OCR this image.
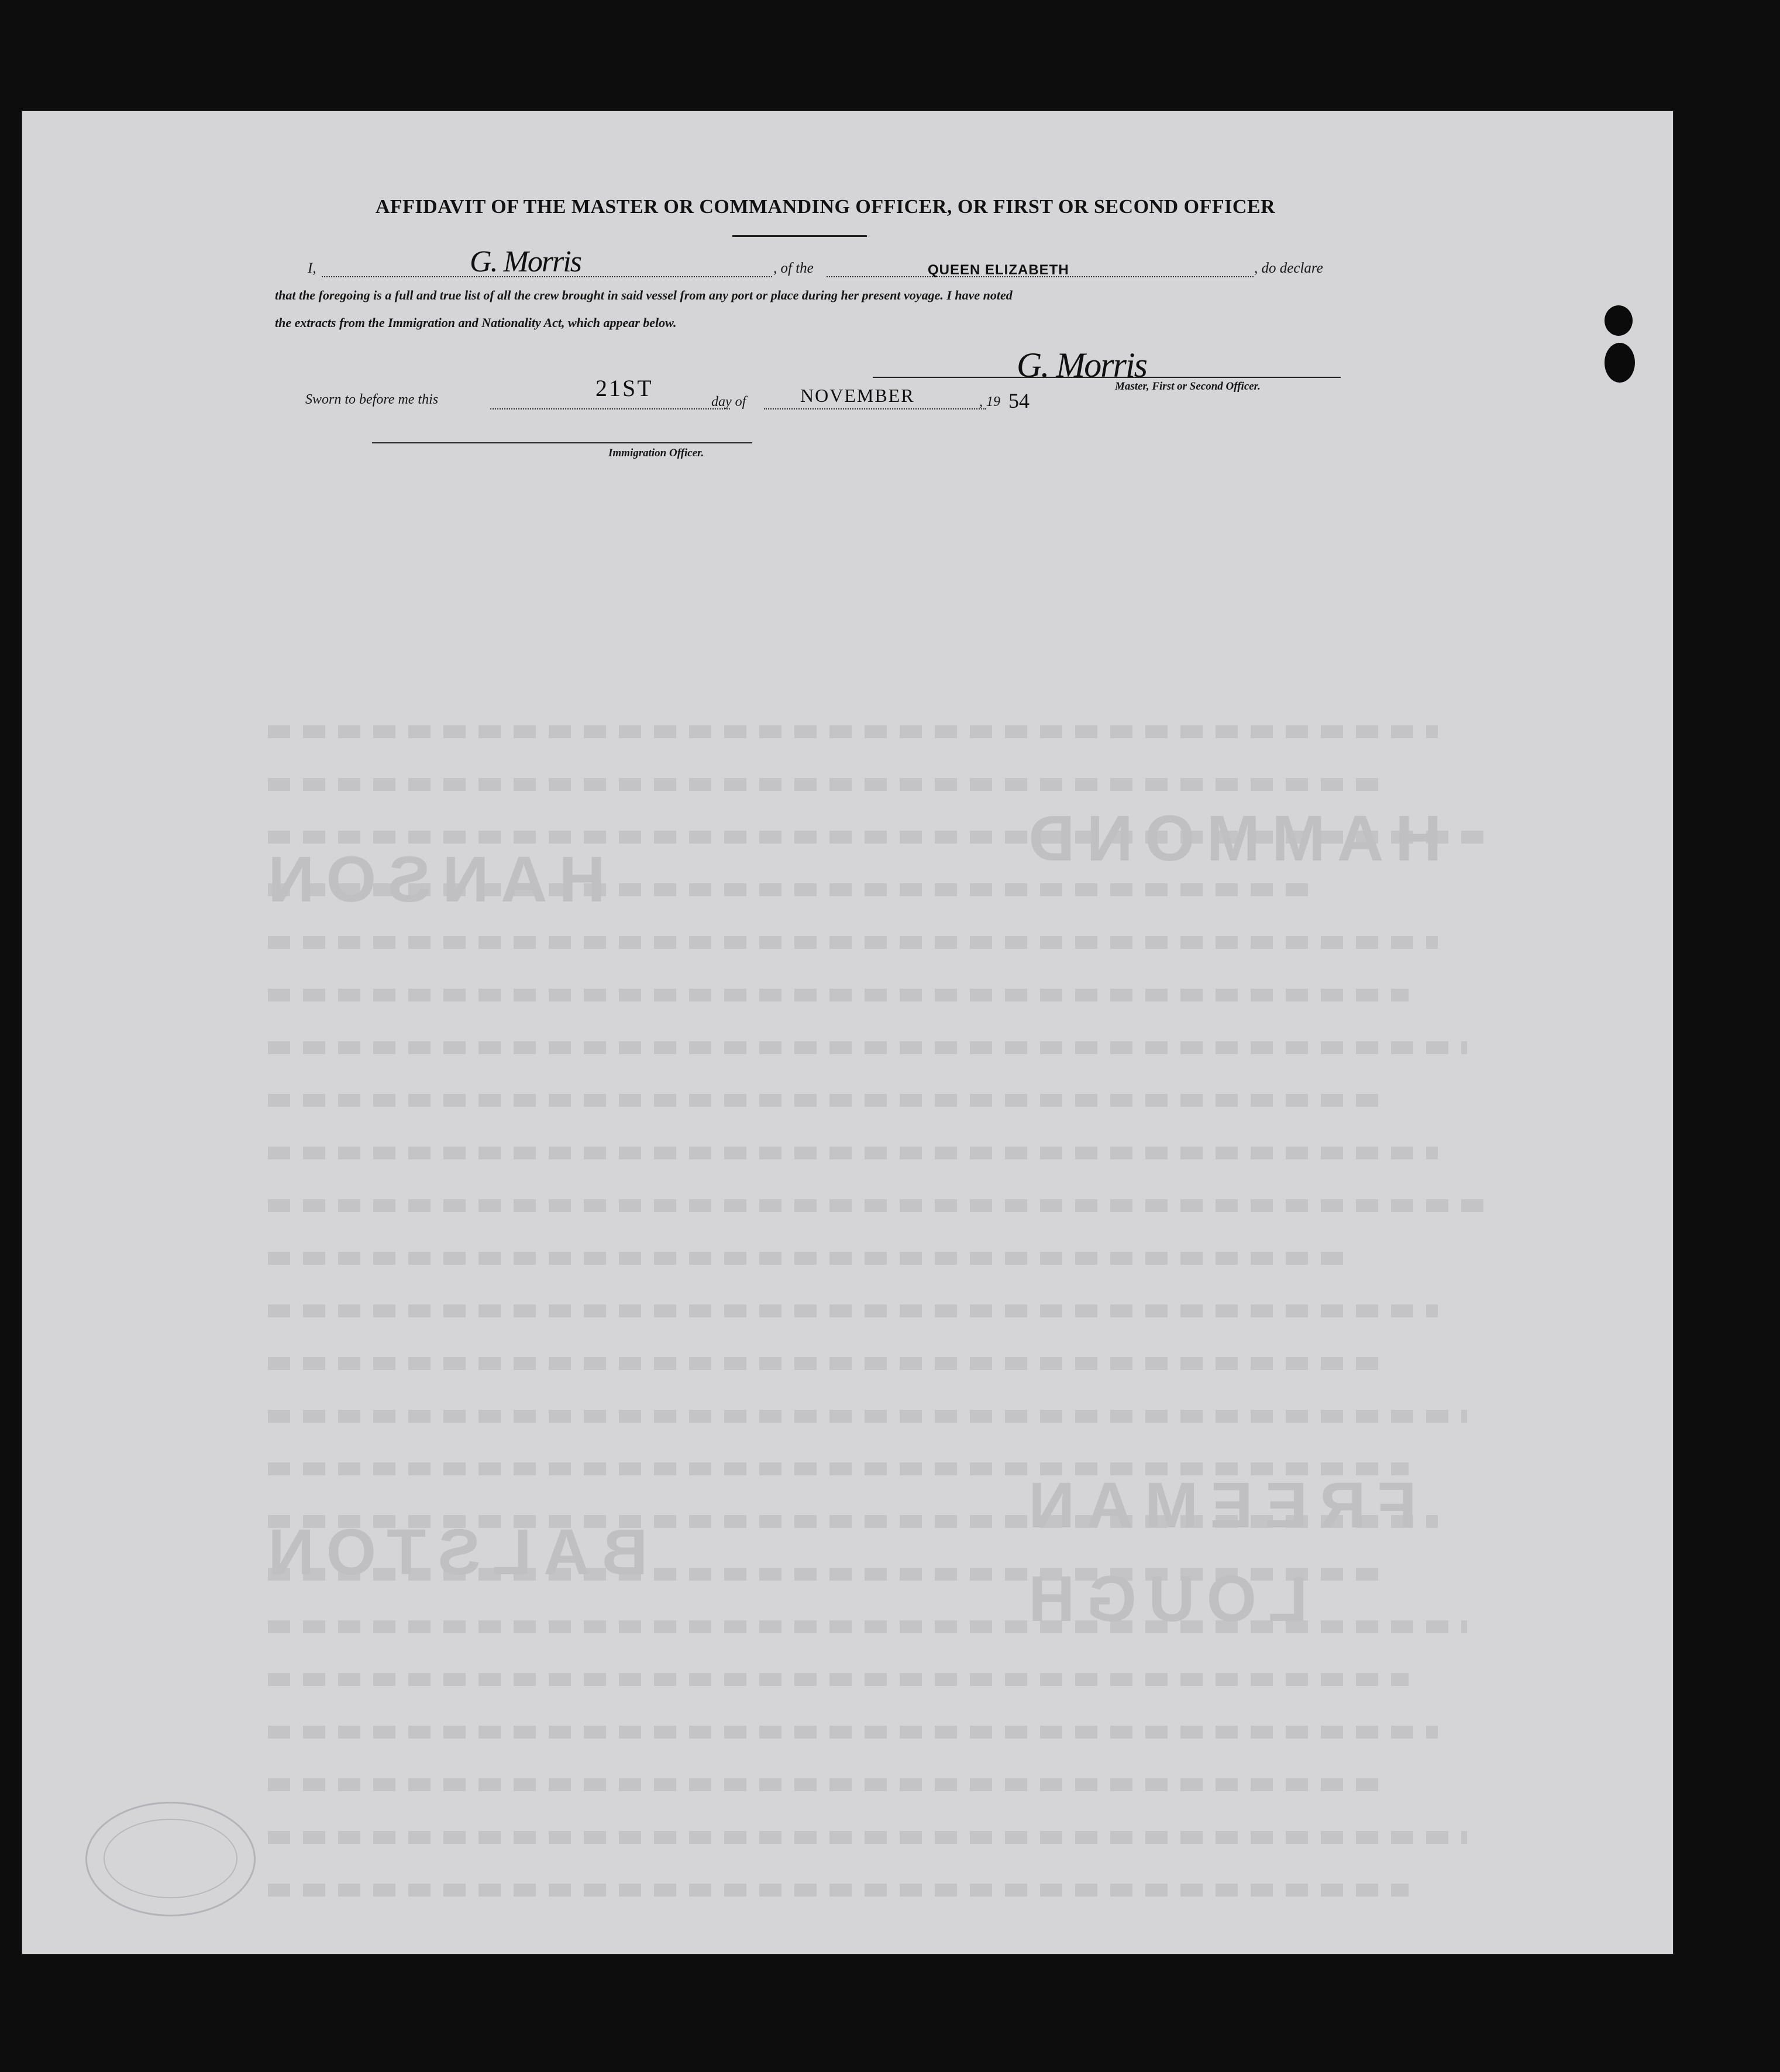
HAMMOND
HANSON
FREEMAN
BALSTON
LOUGH
AFFIDAVIT OF THE MASTER OR COMMANDING OFFICER, OR FIRST OR SECOND OFFICER
I,	G. Morris	, of the	QUEEN ELIZABETH	, do declare
that the foregoing is a full and true list of all the crew brought in said vessel from any port or place during her present voyage. I have noted
the extracts from the Immigration and Nationality Act, which appear below.
G. Morris
Master, First or Second Officer.
Sworn to before me this	21ST
day of	NOVEMBER	, 19 54
Immigration Officer.
